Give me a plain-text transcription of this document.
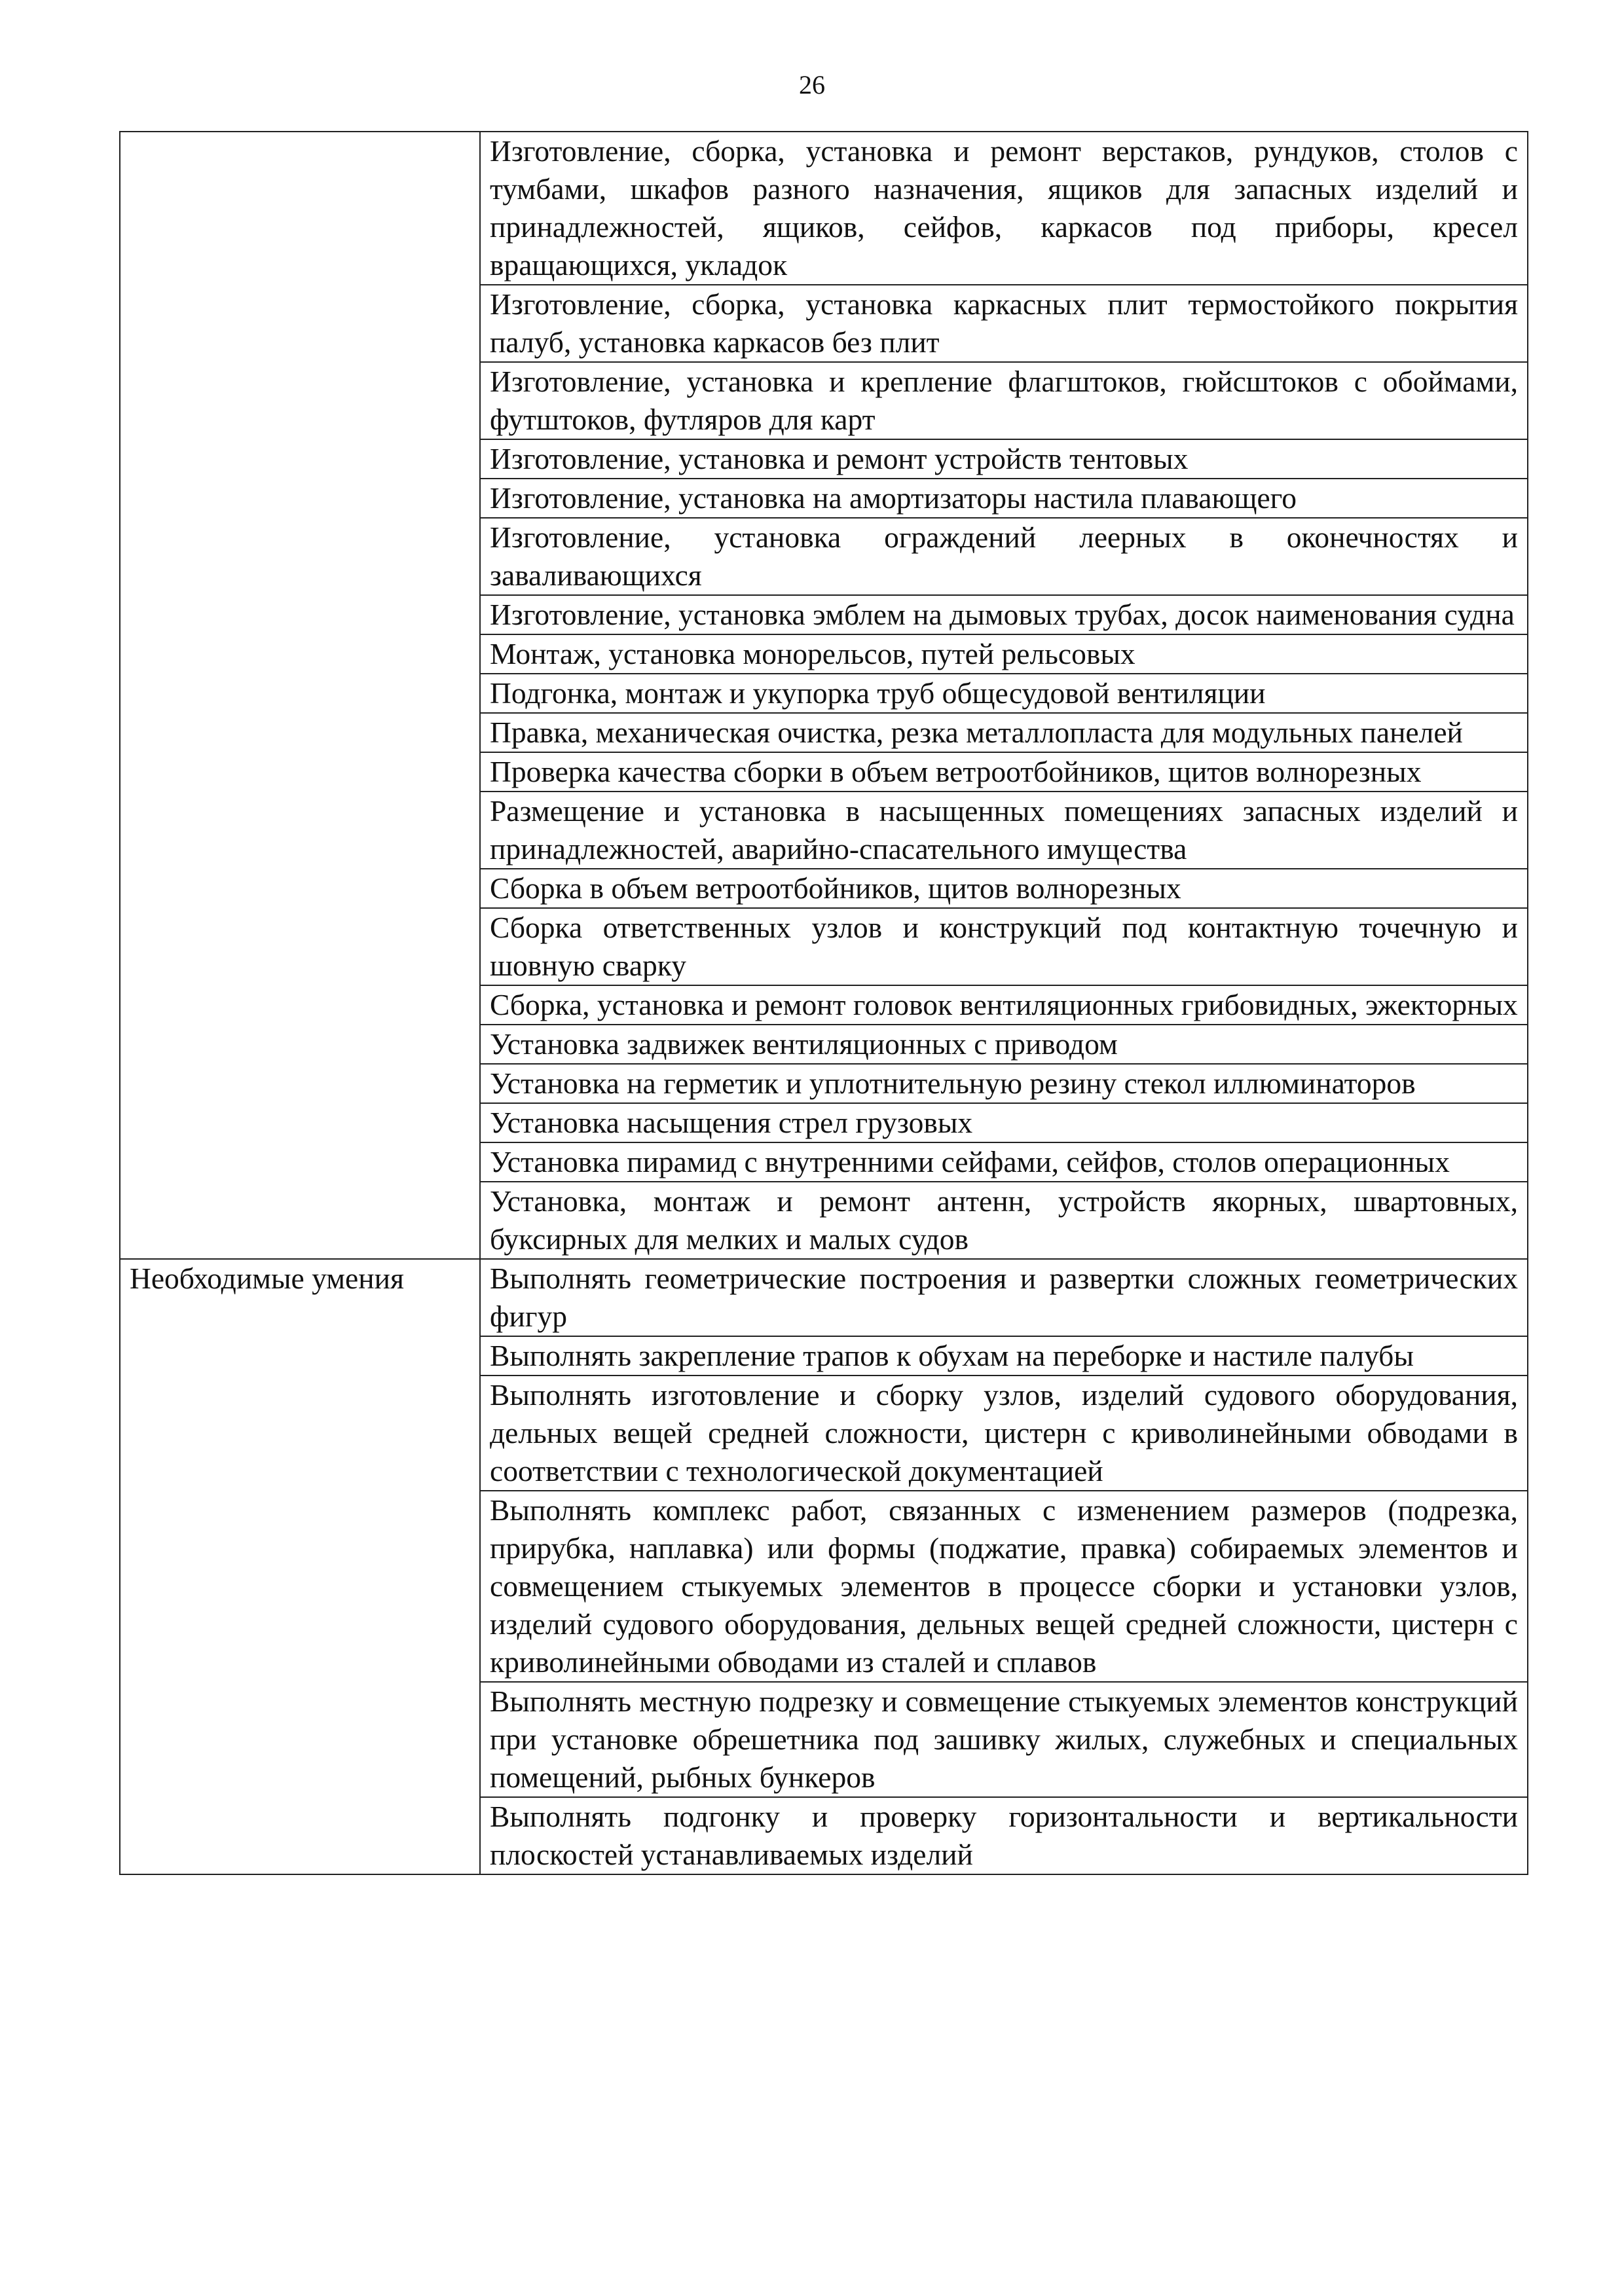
26
	Изготовление, сборка, установка и ремонт верстаков, рундуков, столов с тумбами, шкафов разного назначения, ящиков для запасных изделий и принадлежностей, ящиков, сейфов, каркасов под приборы, кресел вращающихся, укладок
	Изготовление, сборка, установка каркасных плит термостойкого покрытия палуб, установка каркасов без плит
	Изготовление, установка и крепление флагштоков, гюйсштоков с обоймами, футштоков, футляров для карт
	Изготовление, установка и ремонт устройств тентовых
	Изготовление, установка на амортизаторы настила плавающего
	Изготовление, установка ограждений леерных в оконечностях и заваливающихся
	Изготовление, установка эмблем на дымовых трубах, досок наименования судна
	Монтаж, установка монорельсов, путей рельсовых
	Подгонка, монтаж и укупорка труб общесудовой вентиляции
	Правка, механическая очистка, резка металлопласта для модульных панелей
	Проверка качества сборки в объем ветроотбойников, щитов волнорезных
	Размещение и установка в насыщенных помещениях запасных изделий и принадлежностей, аварийно-спасательного имущества
	Сборка в объем ветроотбойников, щитов волнорезных
	Сборка ответственных узлов и конструкций под контактную точечную и шовную сварку
	Сборка, установка и ремонт головок вентиляционных грибовидных, эжекторных
	Установка задвижек вентиляционных с приводом
	Установка на герметик и уплотнительную резину стекол иллюминаторов
	Установка насыщения стрел грузовых
	Установка пирамид с внутренними сейфами, сейфов, столов операционных
	Установка, монтаж и ремонт антенн, устройств якорных, швартовных, буксирных для мелких и малых судов
Необходимые умения	Выполнять геометрические построения и развертки сложных геометрических фигур
	Выполнять закрепление трапов к обухам на переборке и настиле палубы
	Выполнять изготовление и сборку узлов, изделий судового оборудования, дельных вещей средней сложности, цистерн с криволинейными обводами в соответствии с технологической документацией
	Выполнять комплекс работ, связанных с изменением размеров (подрезка, прирубка, наплавка) или формы (поджатие, правка) собираемых элементов и совмещением стыкуемых элементов в процессе сборки и установки узлов, изделий судового оборудования, дельных вещей средней сложности, цистерн с криволинейными обводами из сталей и сплавов
	Выполнять местную подрезку и совмещение стыкуемых элементов конструкций при установке обрешетника под зашивку жилых, служебных и специальных помещений, рыбных бункеров
	Выполнять подгонку и проверку горизонтальности и вертикальности плоскостей устанавливаемых изделий
